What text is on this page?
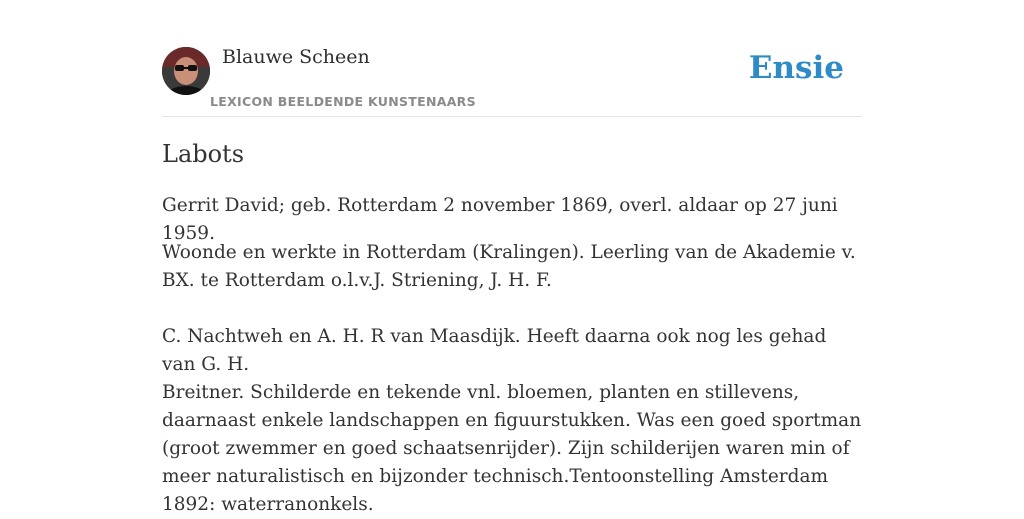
Blauwe Scheen
LEXICON BEELDENDE KUNSTENAARS
Ensie
Labots

Gerrit David; geb. Rotterdam 2 november 1869, overl. aldaar op 27 juni 1959.

Woonde en werkte in Rotterdam (Kralingen). Leerling van de Akademie v. BX. te Rotterdam o.l.v.J. Striening, J. H. F.

C. Nachtweh en A. H. R van Maasdijk. Heeft daarna ook nog les gehad van G. H.

Breitner. Schilderde en tekende vnl. bloemen, planten en stillevens, daarnaast enkele landschappen en figuurstukken. Was een goed sportman (groot zwemmer en goed schaatsenrijder). Zijn schilderijen waren min of meer naturalistisch en bijzonder technisch.Tentoonstelling Amsterdam 1892: waterranonkels.
